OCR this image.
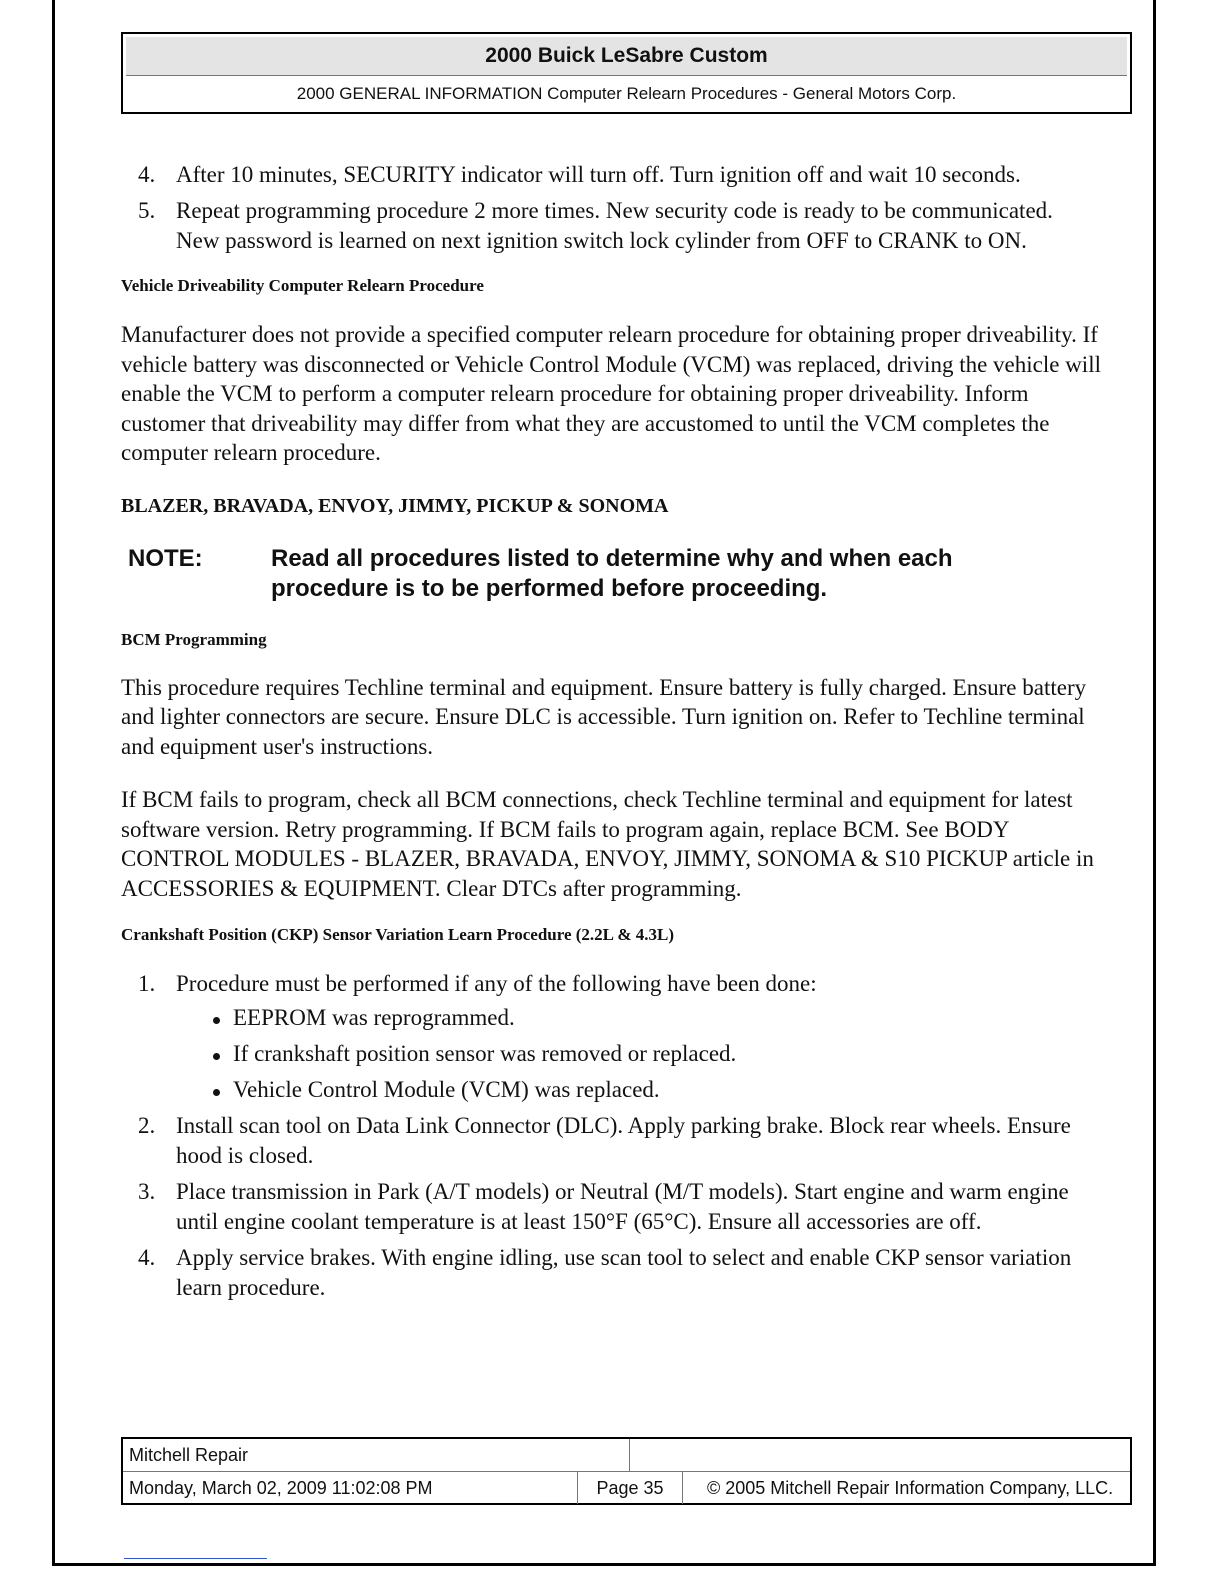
2000 Buick LeSabre Custom
2000 GENERAL INFORMATION Computer Relearn Procedures - General Motors Corp.
4. After 10 minutes, SECURITY indicator will turn off. Turn ignition off and wait 10 seconds.
5. Repeat programming procedure 2 more times. New security code is ready to be communicated. New password is learned on next ignition switch lock cylinder from OFF to CRANK to ON.

Vehicle Driveability Computer Relearn Procedure

Manufacturer does not provide a specified computer relearn procedure for obtaining proper driveability. If vehicle battery was disconnected or Vehicle Control Module (VCM) was replaced, driving the vehicle will enable the VCM to perform a computer relearn procedure for obtaining proper driveability. Inform customer that driveability may differ from what they are accustomed to until the VCM completes the computer relearn procedure.

BLAZER, BRAVADA, ENVOY, JIMMY, PICKUP & SONOMA

NOTE:	Read all procedures listed to determine why and when each procedure is to be performed before proceeding.

BCM Programming

This procedure requires Techline terminal and equipment. Ensure battery is fully charged. Ensure battery and lighter connectors are secure. Ensure DLC is accessible. Turn ignition on. Refer to Techline terminal and equipment user's instructions.

If BCM fails to program, check all BCM connections, check Techline terminal and equipment for latest software version. Retry programming. If BCM fails to program again, replace BCM. See BODY CONTROL MODULES - BLAZER, BRAVADA, ENVOY, JIMMY, SONOMA & S10 PICKUP article in ACCESSORIES & EQUIPMENT. Clear DTCs after programming.

Crankshaft Position (CKP) Sensor Variation Learn Procedure (2.2L & 4.3L)

1. Procedure must be performed if any of the following have been done:
EEPROM was reprogrammed.
If crankshaft position sensor was removed or replaced.
Vehicle Control Module (VCM) was replaced.
2. Install scan tool on Data Link Connector (DLC). Apply parking brake. Block rear wheels. Ensure hood is closed.
3. Place transmission in Park (A/T models) or Neutral (M/T models). Start engine and warm engine until engine coolant temperature is at least 150°F (65°C). Ensure all accessories are off.
4. Apply service brakes. With engine idling, use scan tool to select and enable CKP sensor variation learn procedure.
Mitchell Repair
Monday, March 02, 2009 11:02:08 PM	Page 35	© 2005 Mitchell Repair Information Company, LLC.
